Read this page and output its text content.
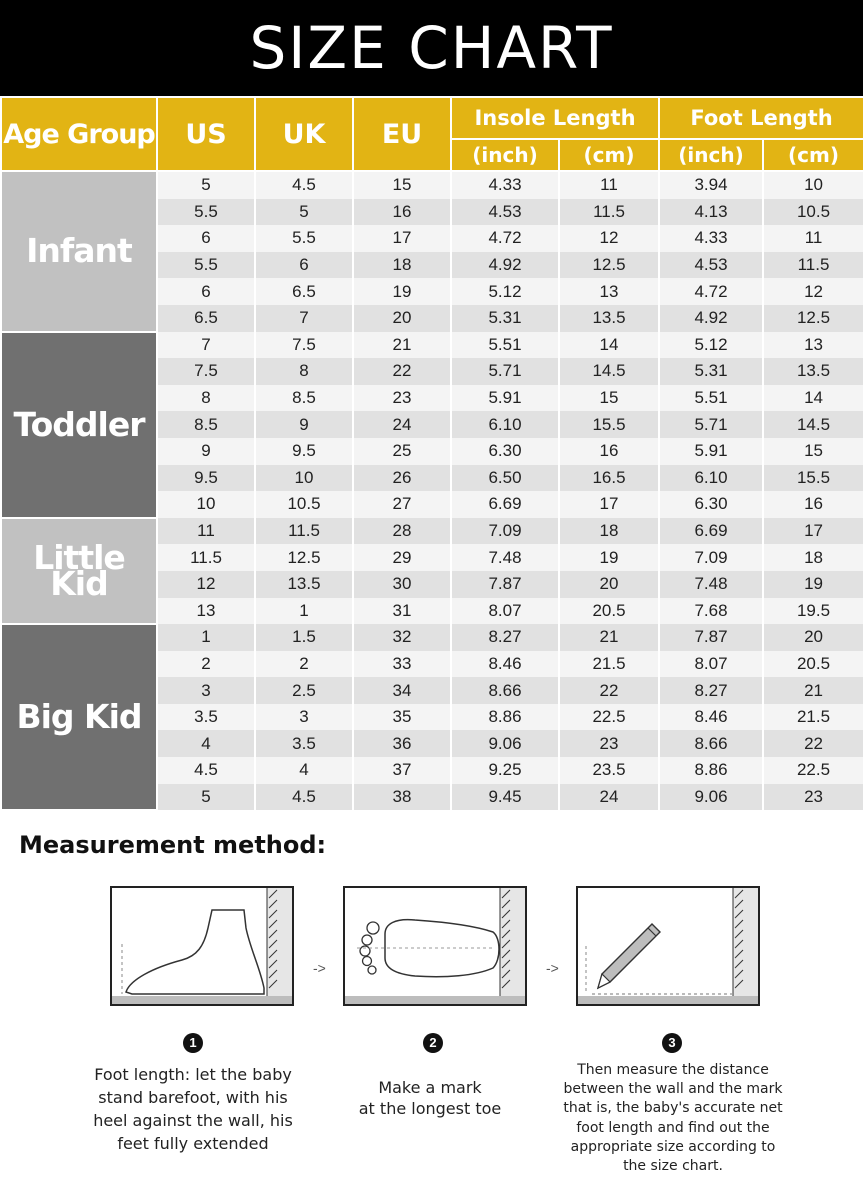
SIZE CHART
Age Group	US	UK	EU	Insole Length		Foot Length	
				(inch)	(cm)	(inch)	(cm)
Infant	5	4.5	15	4.33	11	3.94	10
	5.5	5	16	4.53	11.5	4.13	10.5
	6	5.5	17	4.72	12	4.33	11
	5.5	6	18	4.92	12.5	4.53	11.5
	6	6.5	19	5.12	13	4.72	12
	6.5	7	20	5.31	13.5	4.92	12.5
Toddler	7	7.5	21	5.51	14	5.12	13
	7.5	8	22	5.71	14.5	5.31	13.5
	8	8.5	23	5.91	15	5.51	14
	8.5	9	24	6.10	15.5	5.71	14.5
	9	9.5	25	6.30	16	5.91	15
	9.5	10	26	6.50	16.5	6.10	15.5
	10	10.5	27	6.69	17	6.30	16
Little Kid	11	11.5	28	7.09	18	6.69	17
	11.5	12.5	29	7.48	19	7.09	18
	12	13.5	30	7.87	20	7.48	19
	13	1	31	8.07	20.5	7.68	19.5
Big Kid	1	1.5	32	8.27	21	7.87	20
	2	2	33	8.46	21.5	8.07	20.5
	3	2.5	34	8.66	22	8.27	21
	3.5	3	35	8.86	22.5	8.46	21.5
	4	3.5	36	9.06	23	8.66	22
	4.5	4	37	9.25	23.5	8.86	22.5
	5	4.5	38	9.45	24	9.06	23
Measurement method:
->	->
1	2	3
Foot length: let the baby
stand barefoot, with his
heel against the wall, his
feet fully extended
Make a mark
at the longest toe
Then measure the distance
between the wall and the mark
that is, the baby's accurate net
foot length and find out the
appropriate size according to
the size chart.
